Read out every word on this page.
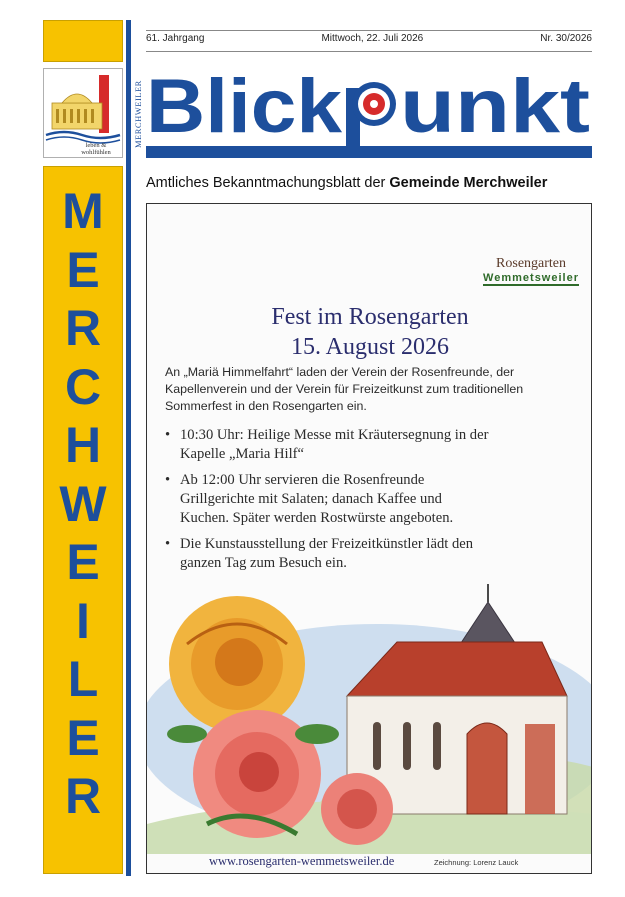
leben &
wohlfühlen
MERCHWEILER
M
E
R
C
H
W
E
I
L
E
R
61. Jahrgang	Mittwoch, 22. Juli 2026	Nr. 30/2026
Blick unkt
Amtliches Bekanntmachungsblatt der Gemeinde Merchweiler
Rosengarten
Wemmetsweiler
Fest im Rosengarten
15. August 2026
An „Mariä Himmelfahrt“ laden der Verein der Rosenfreunde, der Kapellenverein und der Verein für Freizeitkunst zum traditionellen Sommerfest in den Rosengarten ein.
• 10:30 Uhr: Heilige Messe mit Kräutersegnung in der Kapelle „Maria Hilf“
• Ab 12:00 Uhr servieren die Rosenfreunde Grillgerichte mit Salaten; danach Kaffee und Kuchen. Später werden Rostwürste angeboten.
• Die Kunstausstellung der Freizeitkünstler lädt den ganzen Tag zum Besuch ein.
www.rosengarten-wemmetsweiler.de	Zeichnung: Lorenz Lauck
